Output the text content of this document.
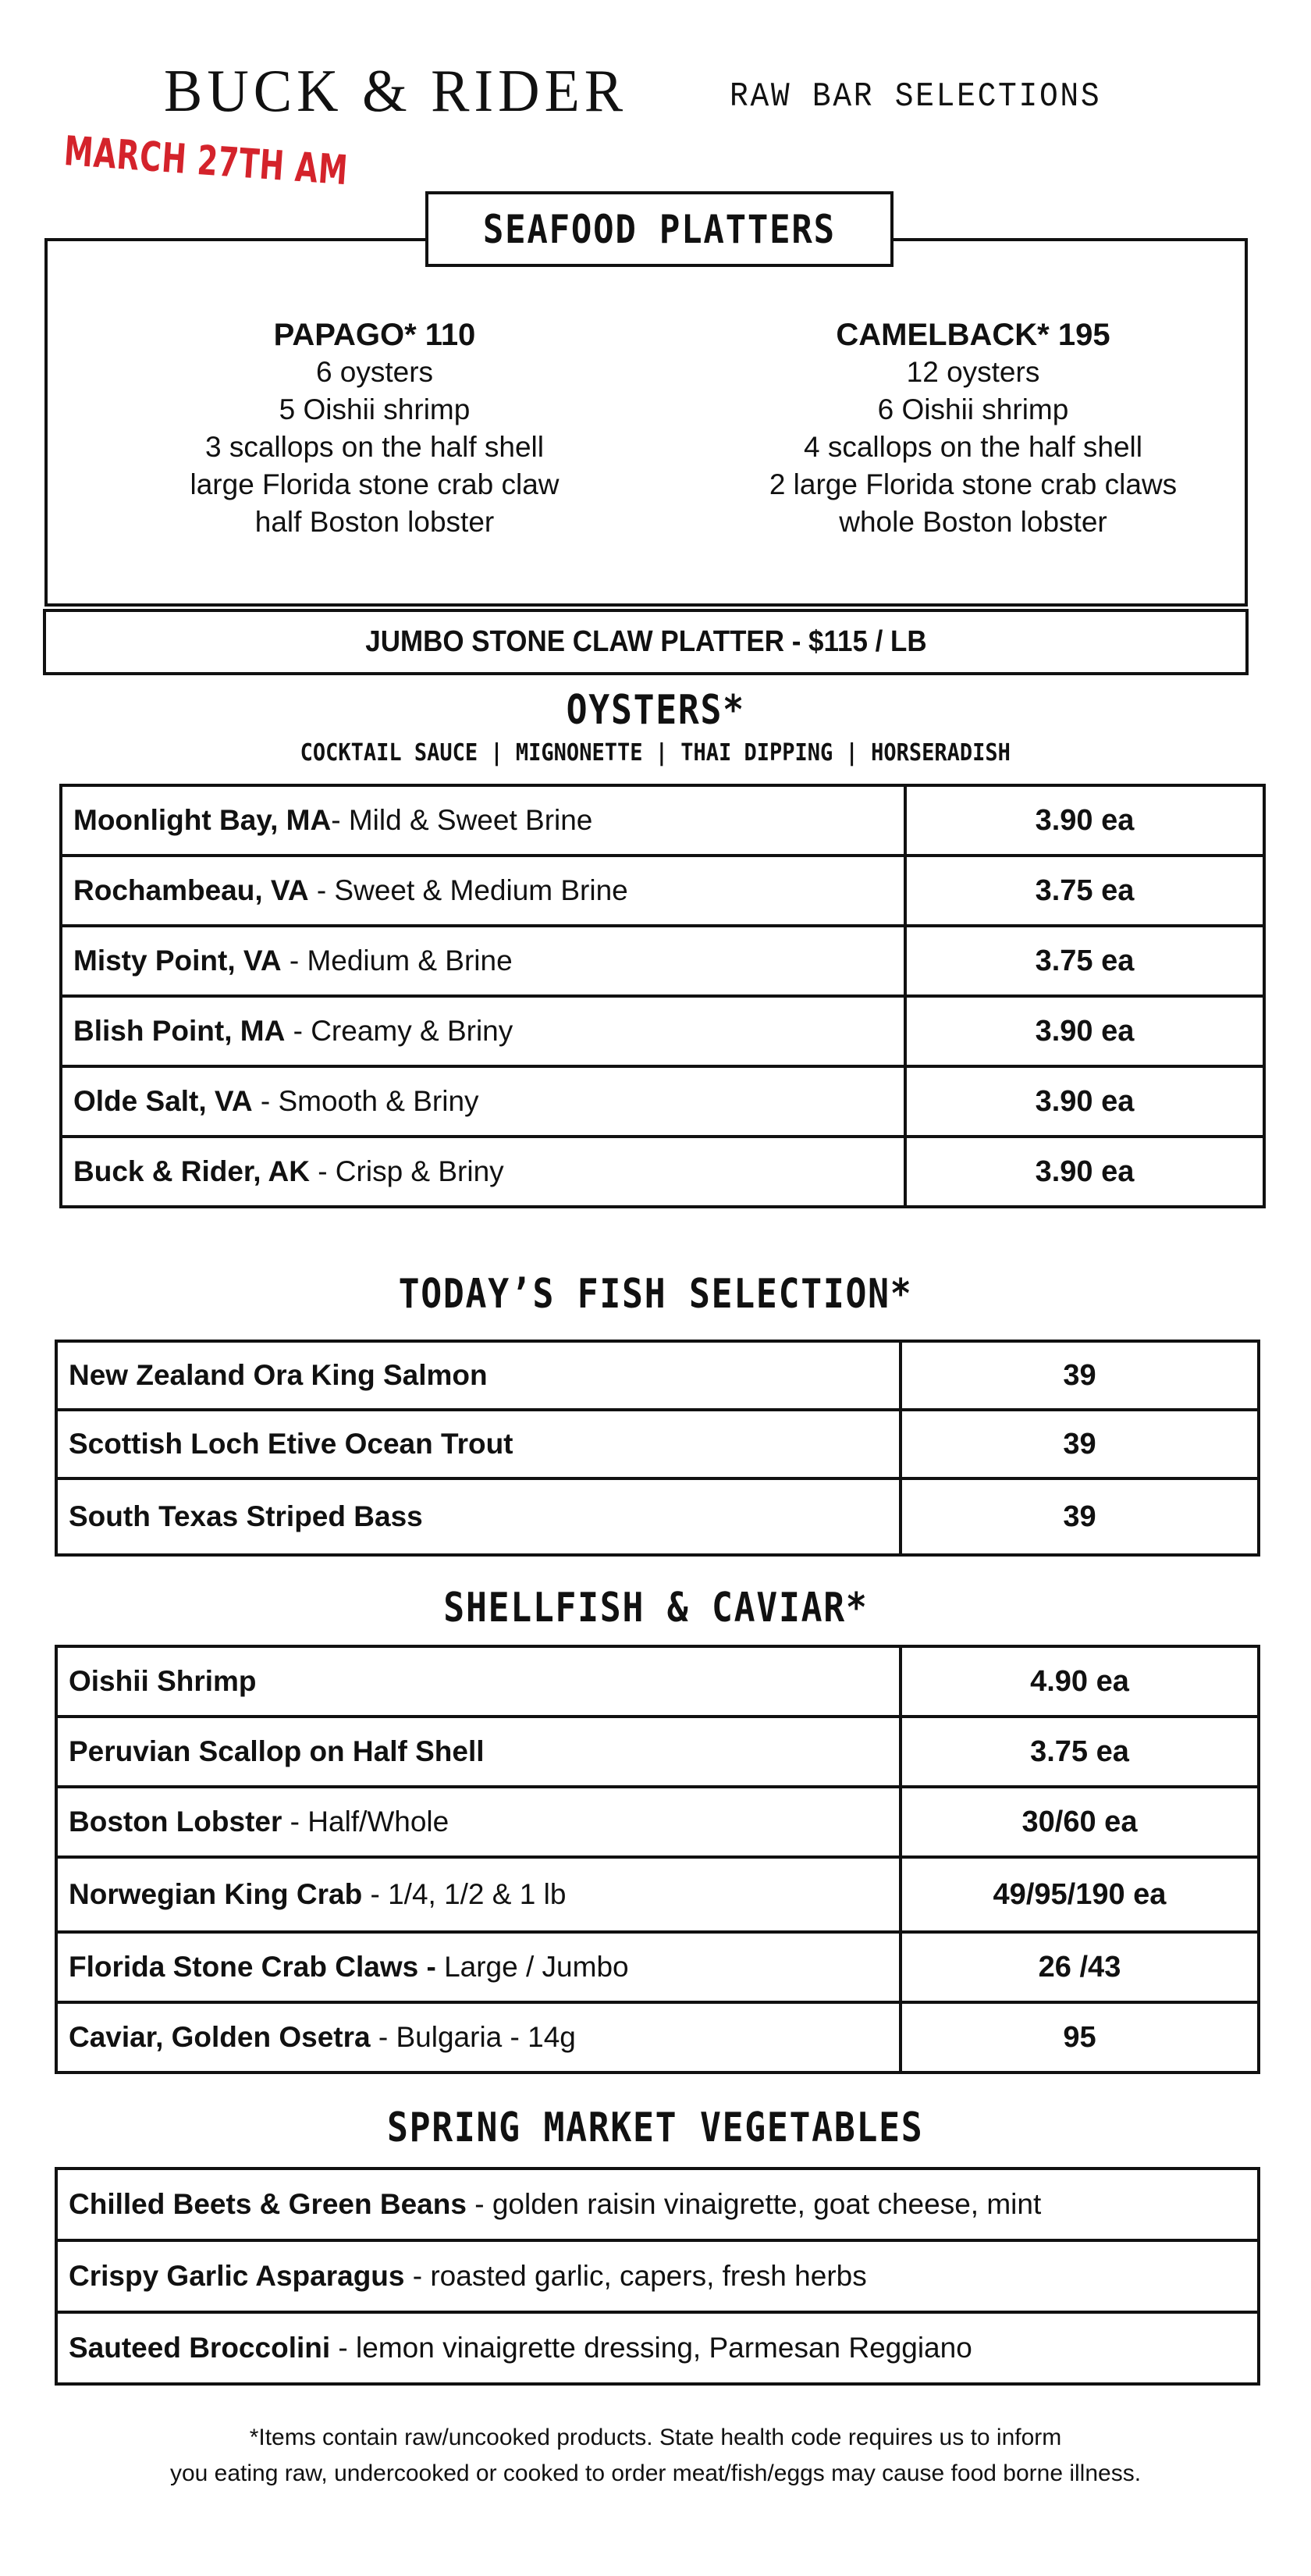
BUCK & RIDER	RAW BAR SELECTIONS
MARCH 27TH AM
SEAFOOD PLATTERS
PAPAGO* 110
6 oysters
5 Oishii shrimp
3 scallops on the half shell
large Florida stone crab claw
half Boston lobster
CAMELBACK* 195
12 oysters
6 Oishii shrimp
4 scallops on the half shell
2 large Florida stone crab claws
whole Boston lobster
JUMBO STONE CLAW PLATTER - $115 / LB
OYSTERS*
COCKTAIL SAUCE | MIGNONETTE | THAI DIPPING | HORSERADISH
Moonlight Bay, MA- Mild & Sweet Brine	3.90 ea
Rochambeau, VA - Sweet & Medium Brine	3.75 ea
Misty Point, VA - Medium & Brine	3.75 ea
Blish Point, MA - Creamy & Briny	3.90 ea
Olde Salt, VA - Smooth & Briny	3.90 ea
Buck & Rider, AK - Crisp & Briny	3.90 ea
TODAY’S FISH SELECTION*
New Zealand Ora King Salmon	39
Scottish Loch Etive Ocean Trout	39
South Texas Striped Bass	39
SHELLFISH & CAVIAR*
Oishii Shrimp	4.90 ea
Peruvian Scallop on Half Shell	3.75 ea
Boston Lobster - Half/Whole	30/60 ea
Norwegian King Crab - 1/4, 1/2 & 1 lb	49/95/190 ea
Florida Stone Crab Claws - Large / Jumbo	26 /43
Caviar, Golden Osetra - Bulgaria - 14g	95
SPRING MARKET VEGETABLES
Chilled Beets & Green Beans - golden raisin vinaigrette, goat cheese, mint
Crispy Garlic Asparagus - roasted garlic, capers, fresh herbs
Sauteed Broccolini - lemon vinaigrette dressing, Parmesan Reggiano
*Items contain raw/uncooked products. State health code requires us to inform
you eating raw, undercooked or cooked to order meat/fish/eggs may cause food borne illness.
